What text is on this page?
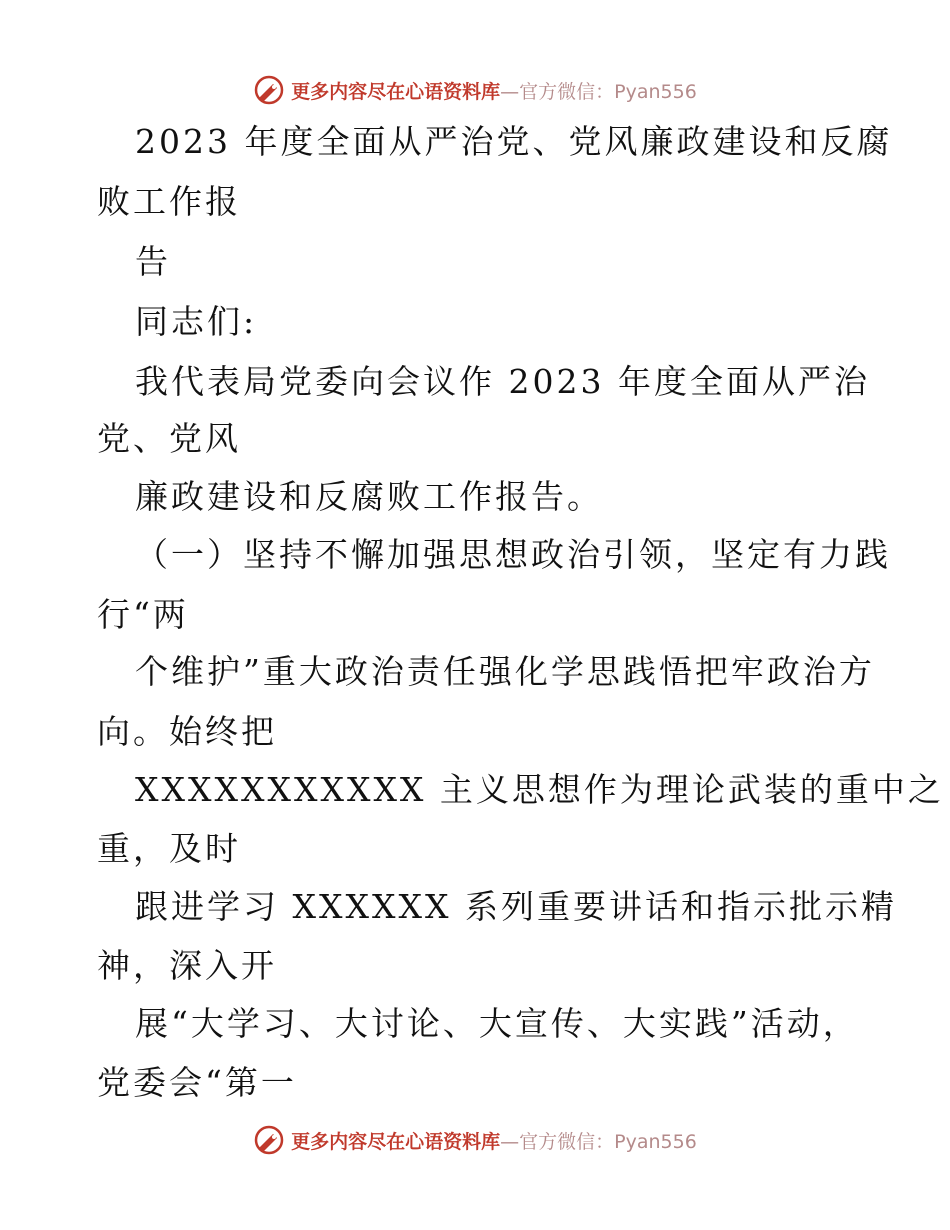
更多内容尽在心语资料库—官方微信：Pyan556
2023 年度全面从严治党、党风廉政建设和反腐
败工作报
告
同志们:
我代表局党委向会议作 2023 年度全面从严治
党、党风
廉政建设和反腐败工作报告。
（一）坚持不懈加强思想政治引领，坚定有力践
行“两
个维护”重大政治责任强化学思践悟把牢政治方
向。始终把
XXXXXXXXXXX 主义思想作为理论武装的重中之
重，及时
跟进学习 XXXXXX 系列重要讲话和指示批示精
神，深入开
展“大学习、大讨论、大宣传、大实践”活动，
党委会“第一
更多内容尽在心语资料库—官方微信：Pyan556
